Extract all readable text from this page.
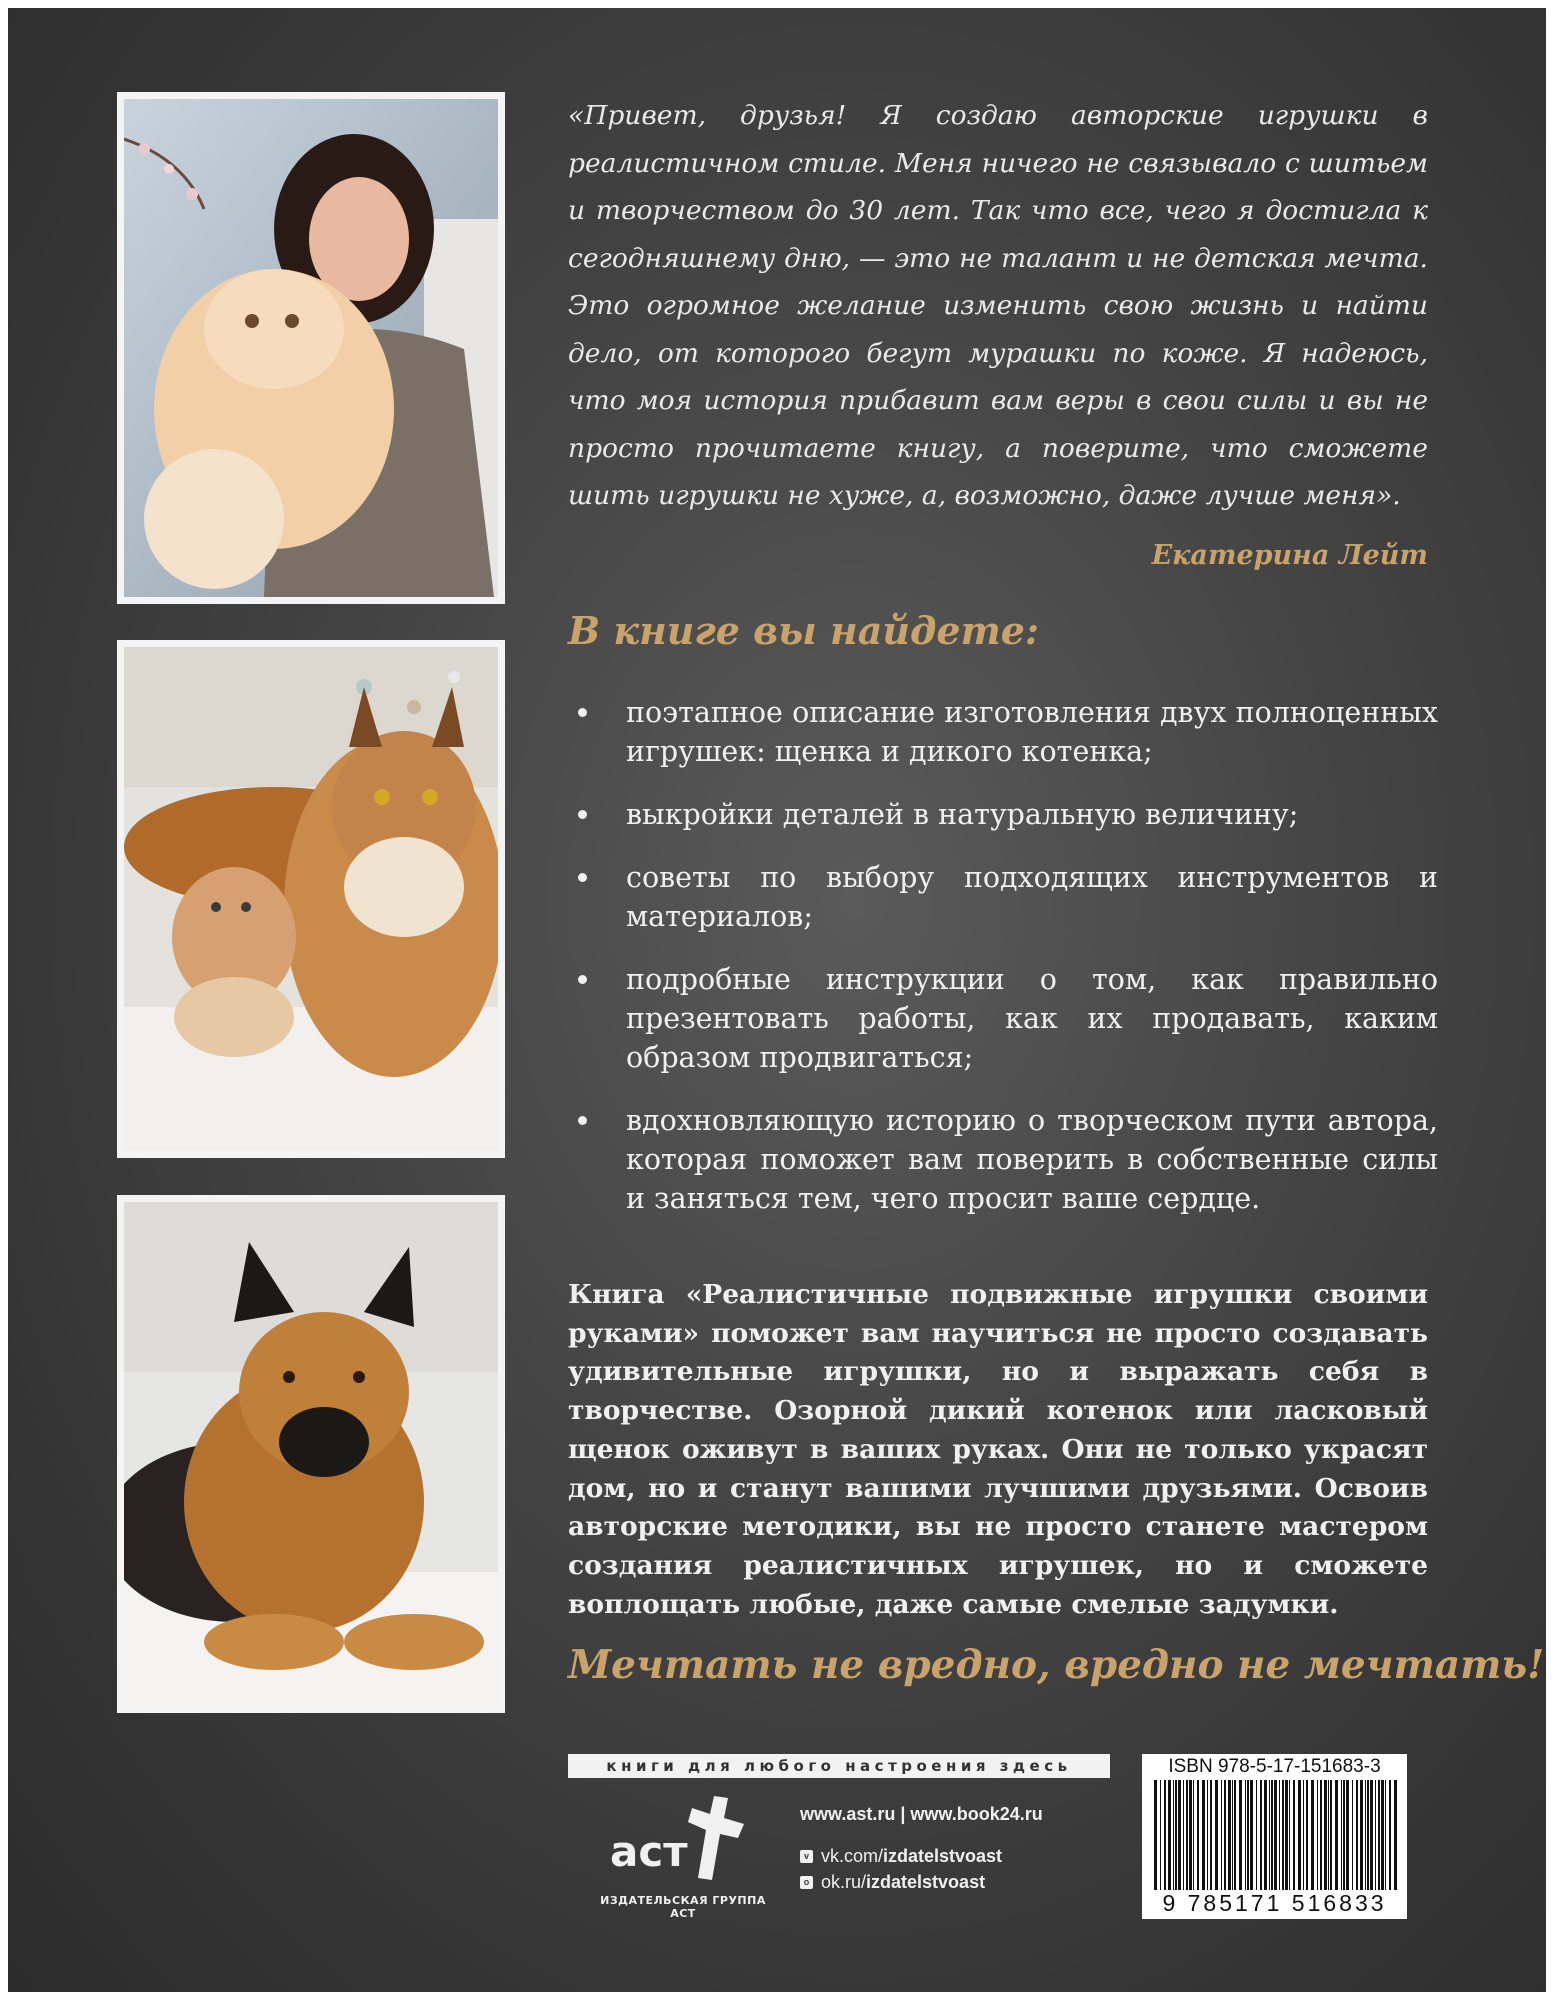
«Привет, друзья! Я создаю авторские игрушки в реалистичном стиле. Меня ничего не связывало с шитьем и творчеством до 30 лет. Так что все, чего я достигла к сегодняшнему дню, — это не талант и не детская мечта. Это огромное желание изменить свою жизнь и найти дело, от которого бегут мурашки по коже. Я надеюсь, что моя история прибавит вам веры в свои силы и вы не просто прочитаете книгу, а поверите, что сможете шить игрушки не хуже, а, возможно, даже лучше меня».
Екатерина Лейт
В книге вы найдете:
поэтапное описание изготовления двух полноценных игрушек: щенка и дикого котенка;
выкройки деталей в натуральную величину;
советы по выбору подходящих инструментов и материалов;
подробные инструкции о том, как правильно презентовать работы, как их продавать, каким образом продвигаться;
вдохновляющую историю о творческом пути автора, которая поможет вам поверить в собственные силы и заняться тем, чего просит ваше сердце.
Книга «Реалистичные подвижные игрушки своими руками» поможет вам научиться не просто создавать удивительные игрушки, но и выражать себя в творчестве. Озорной дикий котенок или ласковый щенок оживут в ваших руках. Они не только украсят дом, но и станут вашими лучшими друзьями. Освоив авторские методики, вы не просто станете мастером создания реалистичных игрушек, но и сможете воплощать любые, даже самые смелые задумки.
Мечтать не вредно, вредно не мечтать!
книги для любого настроения здесь
аст
ИЗДАТЕЛЬСКАЯ ГРУППА АСТ
www.ast.ru | www.book24.ru
v vk.com/ izdatelstvoast
o ok.ru/ izdatelstvoast
ISBN 978-5-17-151683-3
9 785171 516833
